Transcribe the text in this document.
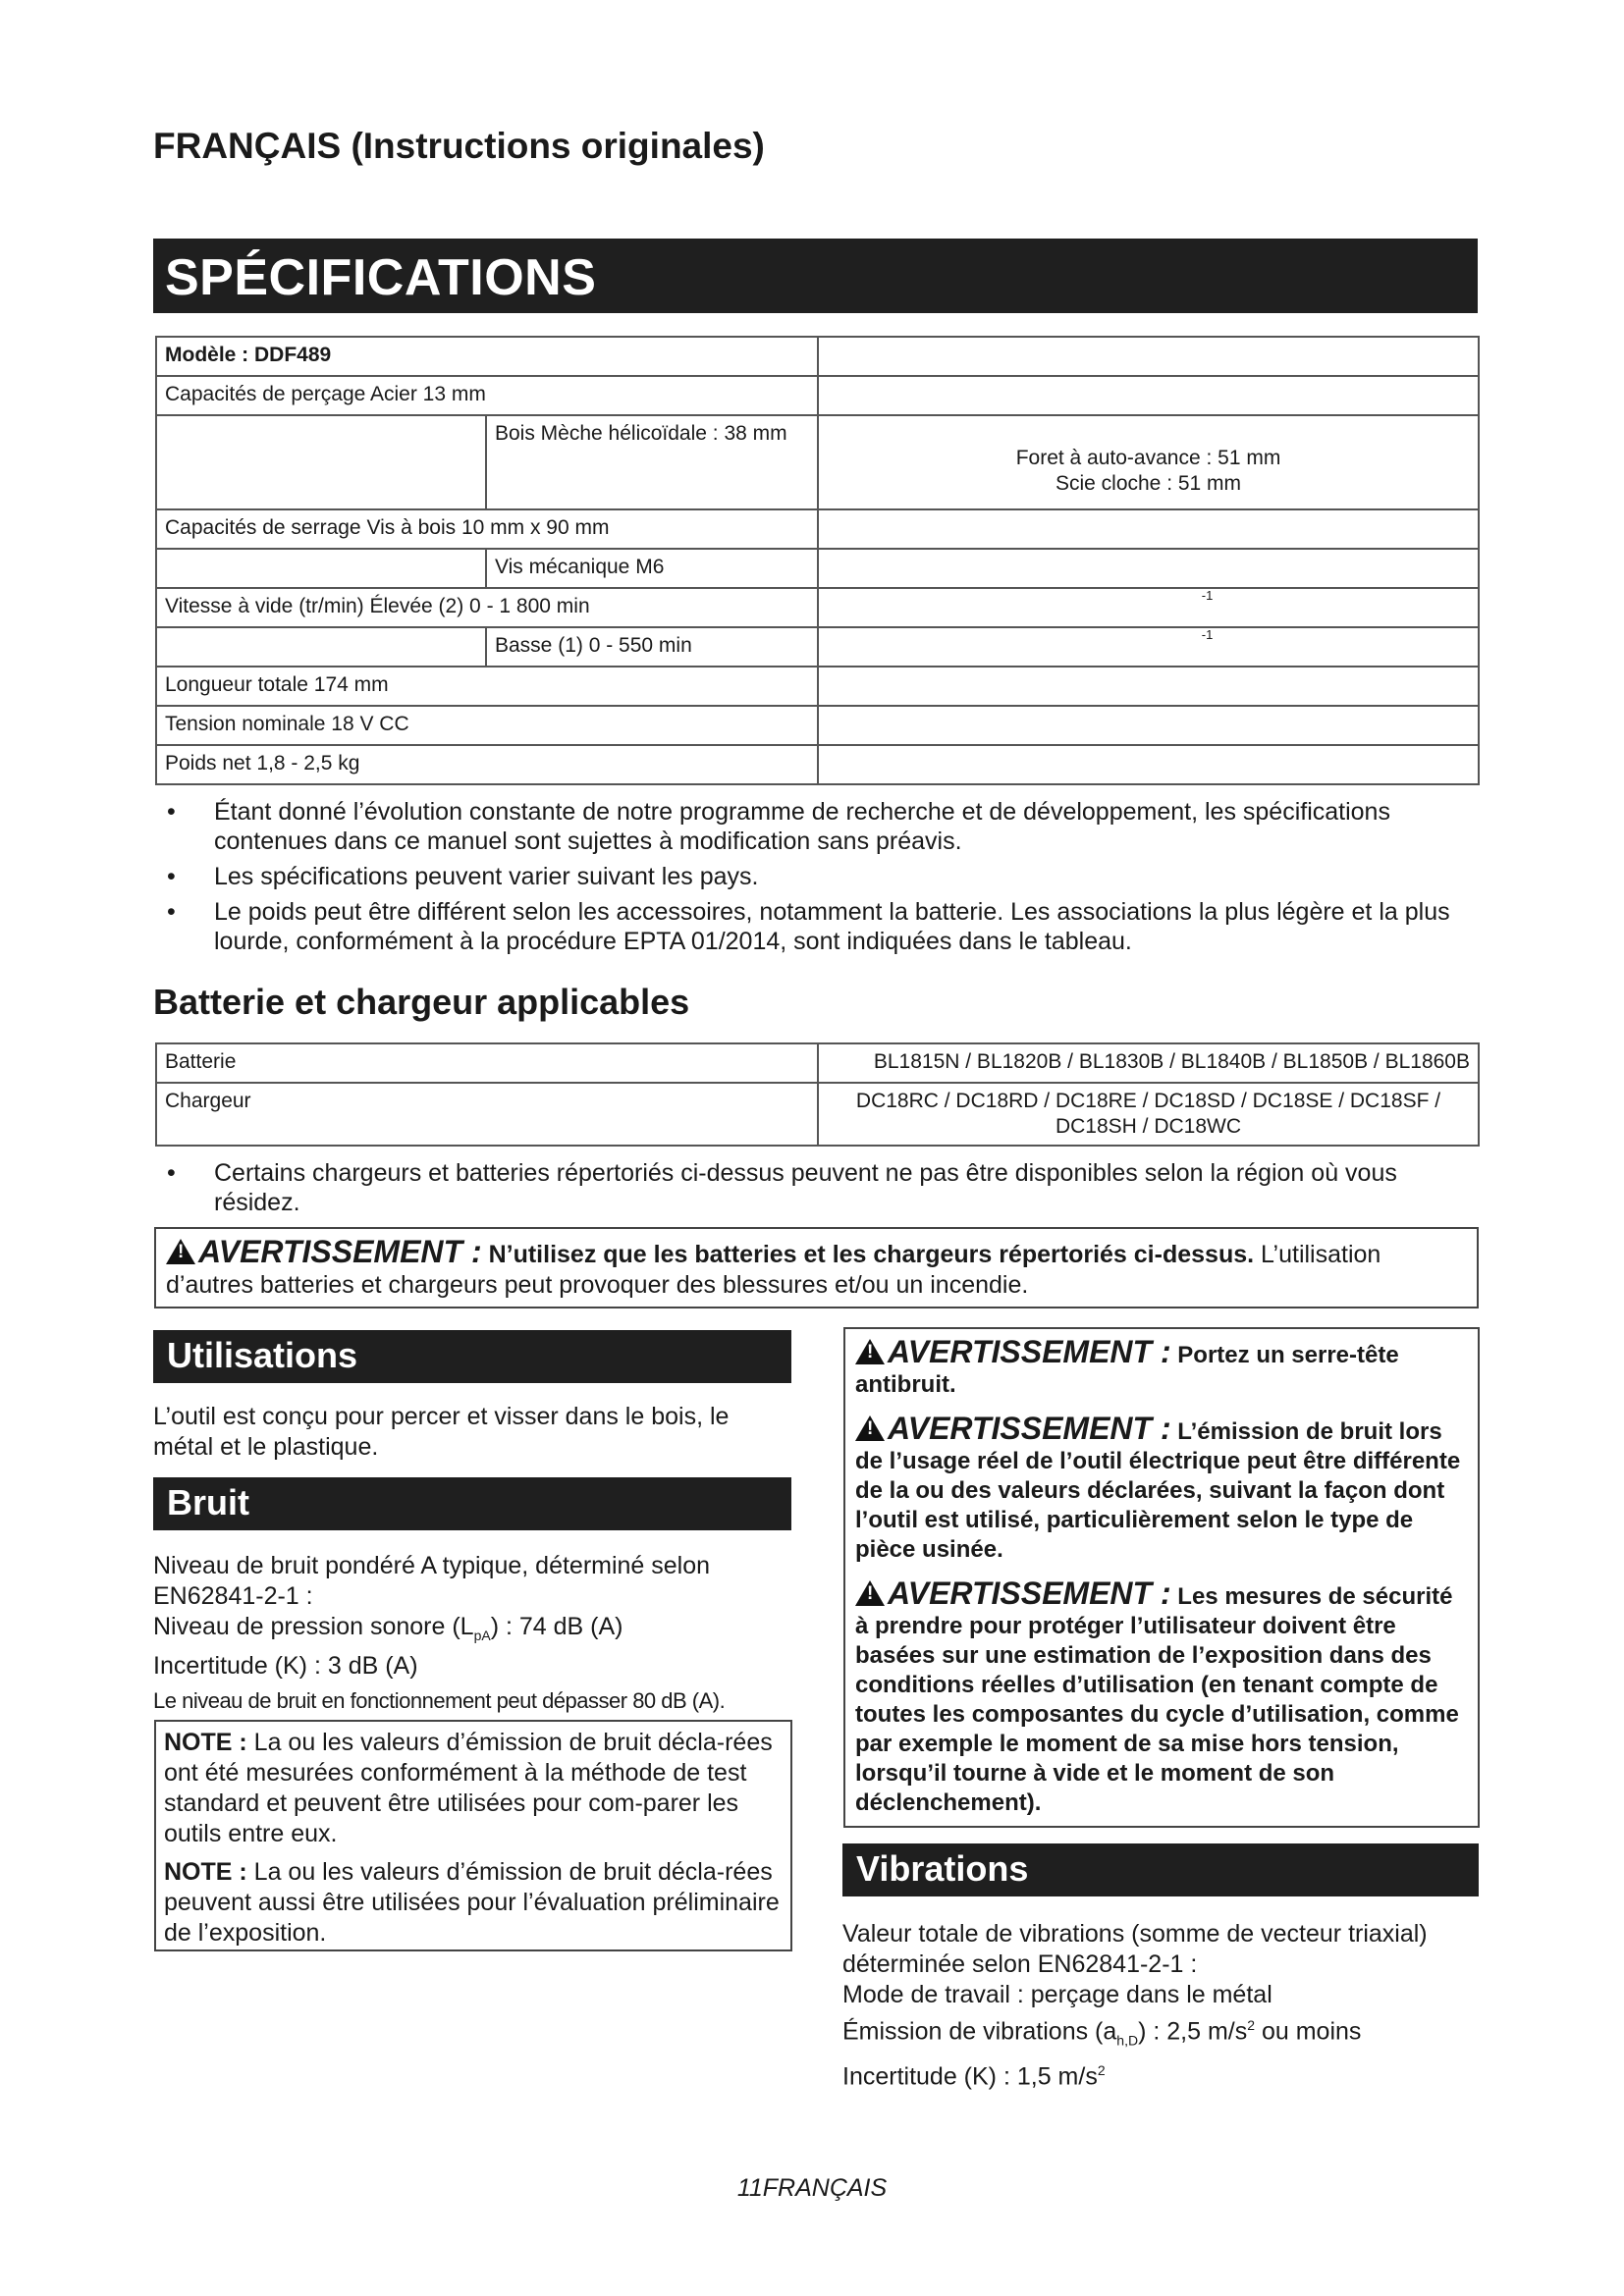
FRANÇAIS (Instructions originales)
SPÉCIFICATIONS
Modèle : DDF489		
Capacités de perçage Acier 13 mm		
	Bois Mèche hélicoïdale : 38 mm	Foret à auto-avance : 51 mm
Scie cloche : 51 mm

Capacités de serrage Vis à bois 10 mm x 90 mm		
	Vis mécanique M6	
Vitesse à vide (tr/min) Élevée (2) 0 - 1 800 min		-1
	Basse (1) 0 - 550 min	-1
Longueur totale 174 mm		
Tension nominale 18 V CC		
Poids net 1,8 - 2,5 kg		
• Étant donné l’évolution constante de notre programme de recherche et de développement, les spécifications contenues dans ce manuel sont sujettes à modification sans préavis.
• Les spécifications peuvent varier suivant les pays.
• Le poids peut être différent selon les accessoires, notamment la batterie. Les associations la plus légère et la plus lourde, conformément à la procédure EPTA 01/2014, sont indiquées dans le tableau.
Batterie et chargeur applicables
Batterie	BL1815N / BL1820B / BL1830B / BL1840B / BL1850B / BL1860B
Chargeur	DC18RC / DC18RD / DC18RE / DC18SD / DC18SE / DC18SF /
DC18SH / DC18WC
• Certains chargeurs et batteries répertoriés ci-dessus peuvent ne pas être disponibles selon la région où vous résidez.
! AVERTISSEMENT : N’utilisez que les batteries et les chargeurs répertoriés ci-dessus. L’utilisation d’autres batteries et chargeurs peut provoquer des blessures et/ou un incendie.
Utilisations
L’outil est conçu pour percer et visser dans le bois, le métal et le plastique.
Bruit
Niveau de bruit pondéré A typique, déterminé selon EN62841-2-1 :
Niveau de pression sonore $(L_{pA})$ : 74 dB (A)
Incertitude (K) : 3 dB (A)
Le niveau de bruit en fonctionnement peut dépasser 80 dB (A).
NOTE : La ou les valeurs d’émission de bruit décla-rées ont été mesurées conformément à la méthode de test standard et peuvent être utilisées pour com-parer les outils entre eux.
NOTE : La ou les valeurs d’émission de bruit décla-rées peuvent aussi être utilisées pour l’évaluation préliminaire de l’exposition.
! AVERTISSEMENT : Portez un serre-tête antibruit.
! AVERTISSEMENT : L’émission de bruit lors de l’usage réel de l’outil électrique peut être différente de la ou des valeurs déclarées, suivant la façon dont l’outil est utilisé, particulièrement selon le type de pièce usinée.
! AVERTISSEMENT : Les mesures de sécurité à prendre pour protéger l’utilisateur doivent être basées sur une estimation de l’exposition dans des conditions réelles d’utilisation (en tenant compte de toutes les composantes du cycle d’utilisation, comme par exemple le moment de sa mise hors tension, lorsqu’il tourne à vide et le moment de son déclenchement).
Vibrations
Valeur totale de vibrations (somme de vecteur triaxial) déterminée selon EN62841-2-1 :
Mode de travail : perçage dans le métal
Émission de vibrations $(a_{h,D})$ : 2,5 $m/s^2$ ou moins
Incertitude (K) : 1,5 $m/s^2$
11FRANÇAIS
